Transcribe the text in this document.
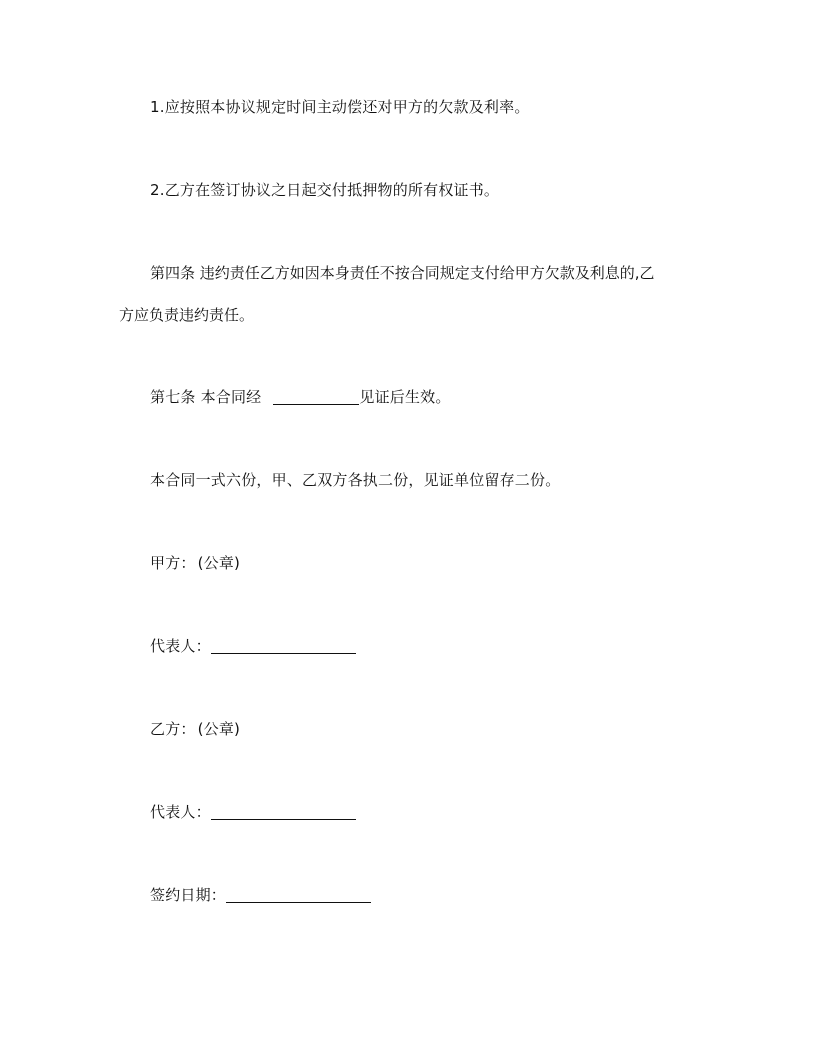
1.应按照本协议规定时间主动偿还对甲方的欠款及利率。
2.乙方在签订协议之日起交付抵押物的所有权证书。
第四条 违约责任乙方如因本身责任不按合同规定支付给甲方欠款及利息的,乙
方应负责违约责任。
第七条 本合同经	见证后生效。
本合同一式六份，甲、乙双方各执二份，见证单位留存二份。
甲方： (公章)
代表人：
乙方： (公章)
代表人：
签约日期：
